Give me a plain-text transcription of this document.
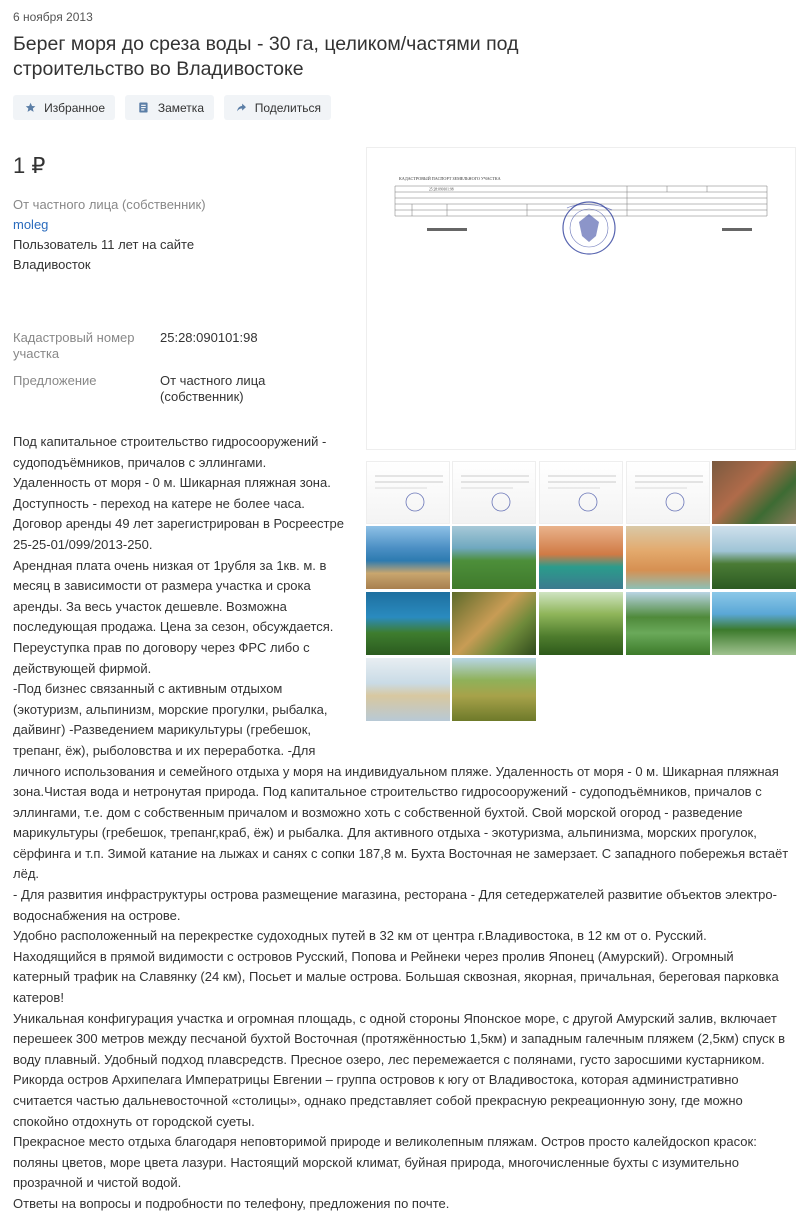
6 ноября 2013
Берег моря до среза воды - 30 га, целиком/частями под строительство во Владивостоке
Избранное	Заметка	Поделиться
1 ₽
От частного лица (собственник)
moleg
Пользователь 11 лет на сайте
Владивосток
Кадастровый номер участка
25:28:090101:98
Предложение	От частного лица (собственник)
КАДАСТРОВЫЙ ПАСПОРТ ЗЕМЕЛЬНОГО УЧАСТКА
25:28:090101:98

Под капитальное строительство гидросооружений -

судоподъёмников, причалов с эллингами.

Удаленность от моря - 0 м. Шикарная пляжная зона.

Доступность - переход на катере не более часа.

Договор аренды 49 лет зарегистрирован в Росреестре

25-25-01/099/2013-250.

Арендная плата очень низкая от 1рубля за 1кв. м. в

месяц в зависимости от размера участка и срока

аренды. За весь участок дешевле. Возможна

последующая продажа. Цена за сезон, обсуждается.

Переуступка прав по договору через ФРС либо с

действующей фирмой.

-Под бизнес связанный с активным отдыхом

(экотуризм, альпинизм, морские прогулки, рыбалка,

дайвинг) -Разведением марикультуры (гребешок,

трепанг, ёж), рыболовства и их переработка. -Для

личного использования и семейного отдыха у моря на индивидуальном пляже. Удаленность от моря - 0 м. Шикарная пляжная

зона.Чистая вода и нетронутая природа. Под капитальное строительство гидросооружений - судоподъёмников, причалов с

эллингами, т.е. дом с собственным причалом и возможно хоть с собственной бухтой. Свой морской огород - разведение

марикультуры (гребешок, трепанг,краб, ёж) и рыбалка. Для активного отдыха - экотуризма, альпинизма, морских прогулок,

сёрфинга и т.п. Зимой катание на лыжах и санях с сопки 187,8 м. Бухта Восточная не замерзает. С западного побережья встаёт

лёд.

- Для развития инфраструктуры острова размещение магазина, ресторана - Для сетедержателей развитие объектов электро-

водоснабжения на острове.

Удобно расположенный на перекрестке судоходных путей в 32 км от центра г.Владивостока, в 12 км от о. Русский.

Находящийся в прямой видимости с островов Русский, Попова и Рейнеки через пролив Японец (Амурский). Огромный

катерный трафик на Славянку (24 км), Посьет и малые острова. Большая сквозная, якорная, причальная, береговая парковка

катеров!

Уникальная конфигурация участка и огромная площадь, с одной стороны Японское море, с другой Амурский залив, включает

перешеек 300 метров между песчаной бухтой Восточная (протяжённостью 1,5км) и западным галечным пляжем (2,5км) спуск в

воду плавный. Удобный подход плавсредств. Пресное озеро, лес перемежается с полянами, густо заросшими кустарником.

Рикорда остров Архипелага Императрицы Евгении – группа островов к югу от Владивостока, которая административно

считается частью дальневосточной «столицы», однако представляет собой прекрасную рекреационную зону, где можно

спокойно отдохнуть от городской суеты.

Прекрасное место отдыха благодаря неповторимой природе и великолепным пляжам. Остров просто калейдоскоп красок:

поляны цветов, море цвета лазури. Настоящий морской климат, буйная природа, многочисленные бухты с изумительно

прозрачной и чистой водой.

Ответы на вопросы и подробности по телефону, предложения по почте.
